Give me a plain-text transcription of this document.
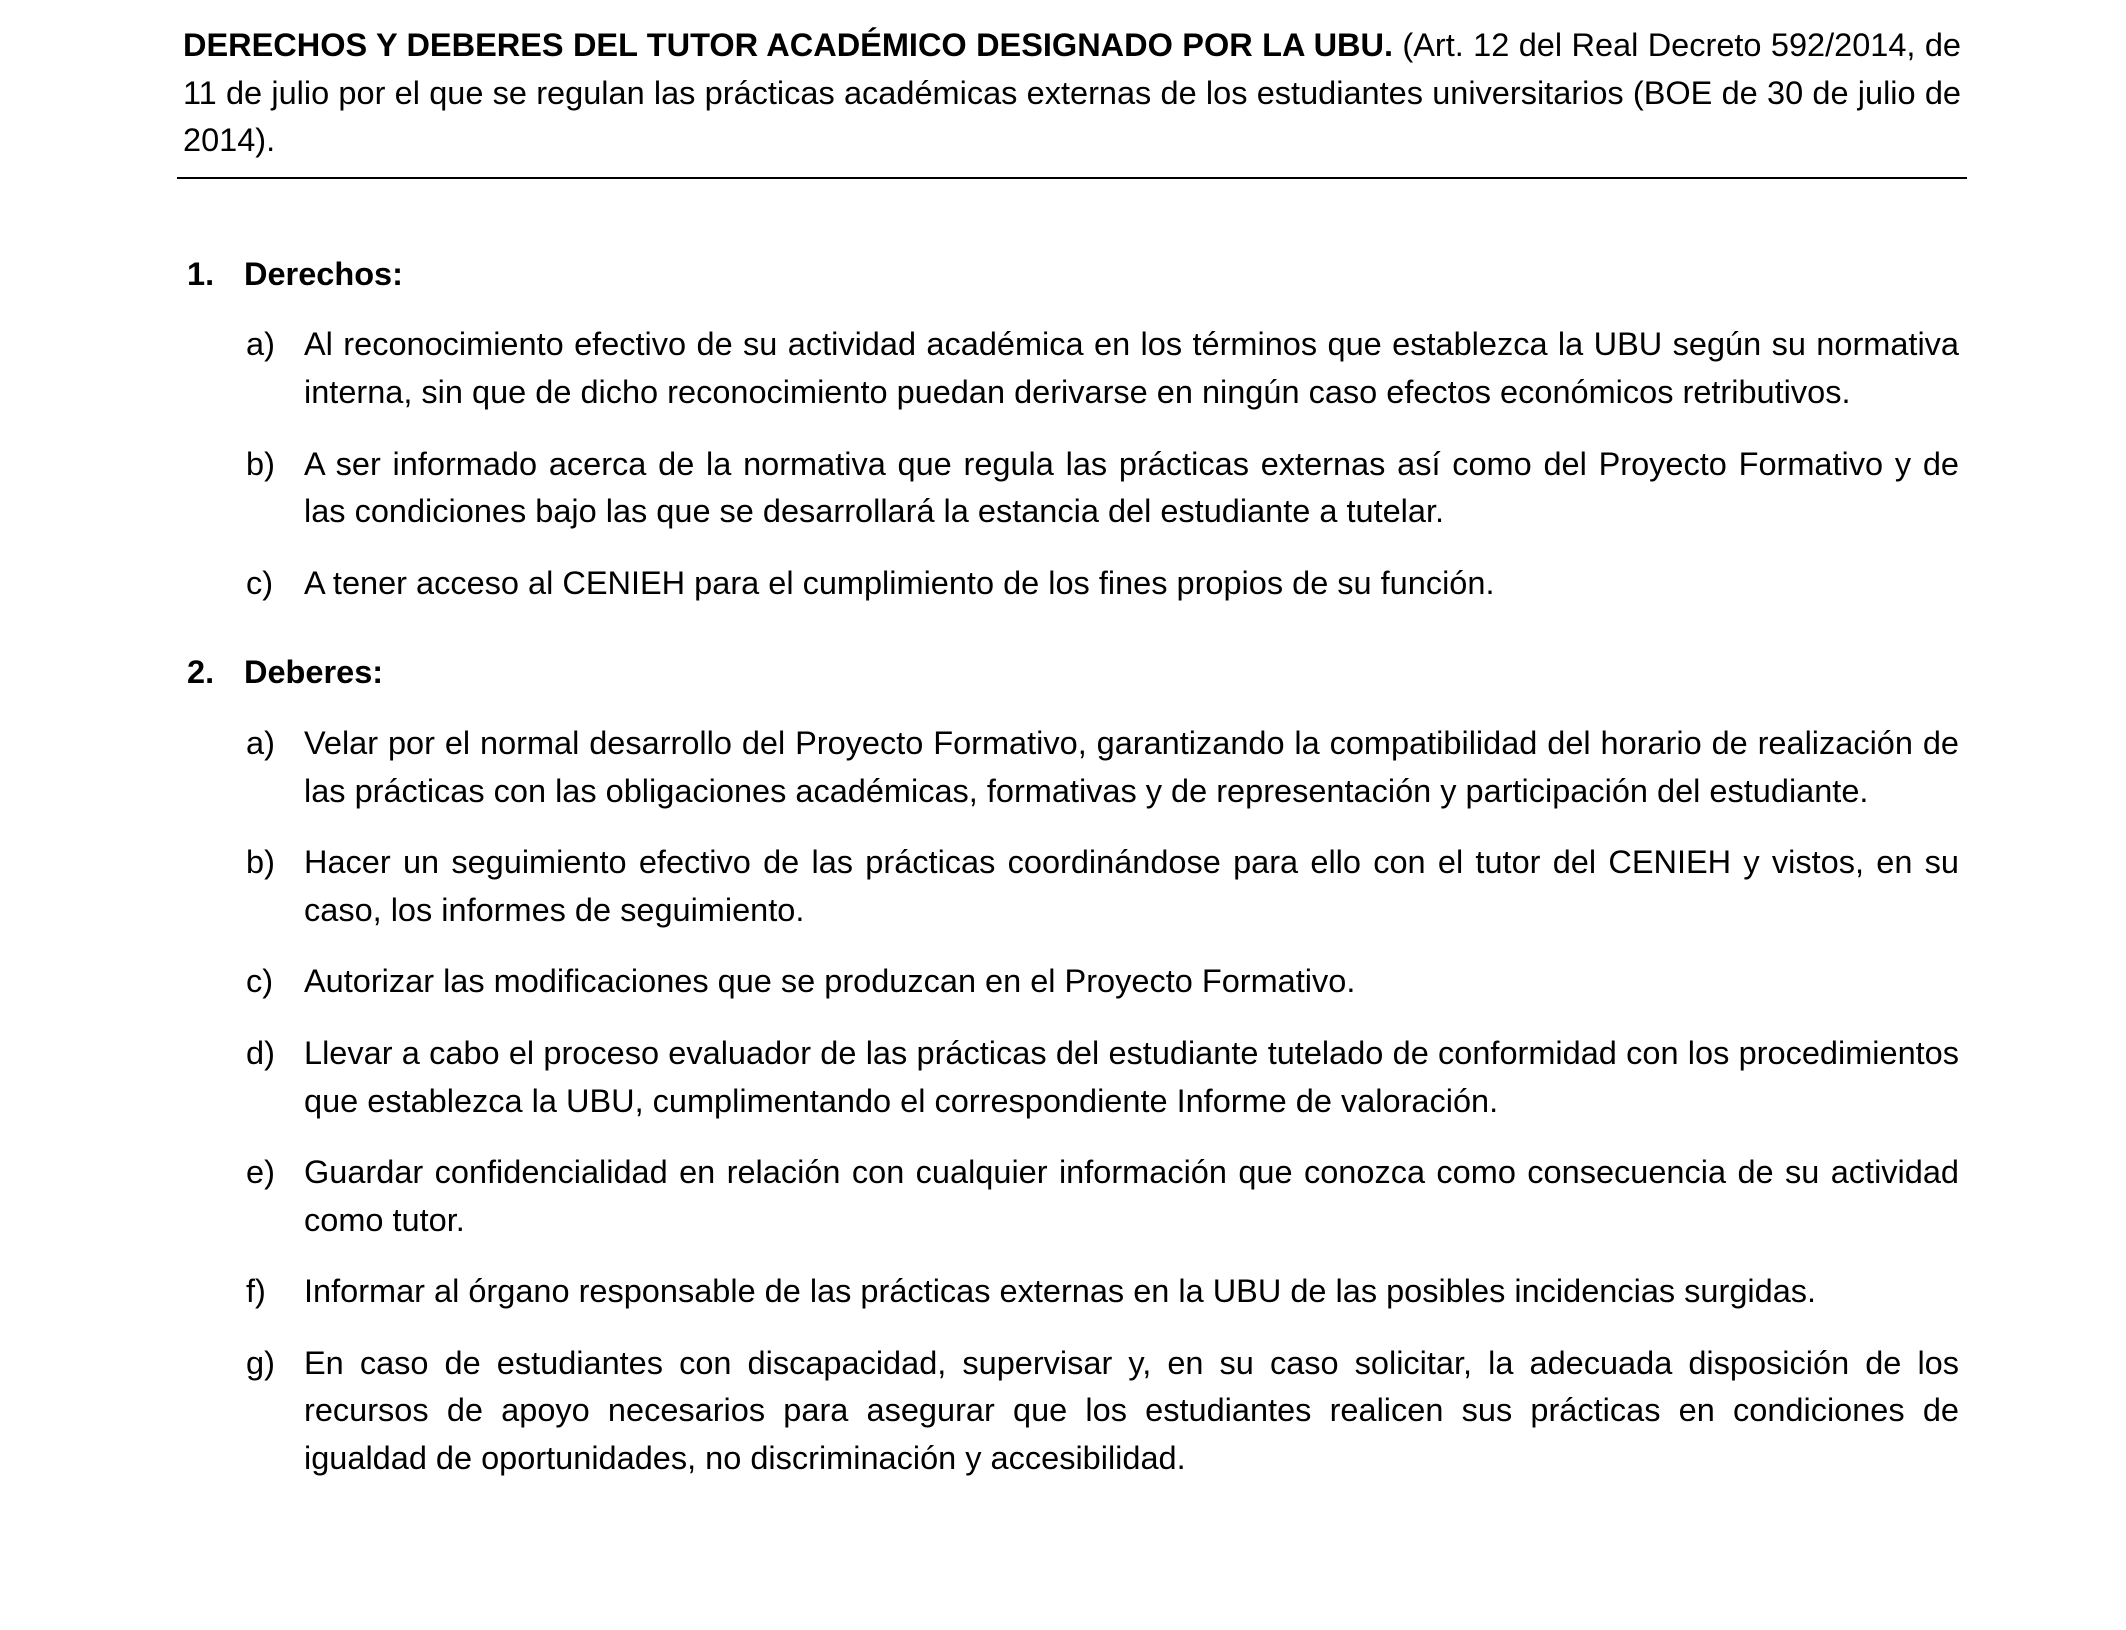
DERECHOS Y DEBERES DEL TUTOR ACADÉMICO DESIGNADO POR LA UBU. (Art. 12 del Real Decreto 592/2014, de 11 de julio por el que se regulan las prácticas académicas externas de los estudiantes universitarios (BOE de 30 de julio de 2014).
1. Derechos:
a) Al reconocimiento efectivo de su actividad académica en los términos que establezca la UBU según su normativa interna, sin que de dicho reconocimiento puedan derivarse en ningún caso efectos económicos retributivos.
b) A ser informado acerca de la normativa que regula las prácticas externas así como del Proyecto Formativo y de las condiciones bajo las que se desarrollará la estancia del estudiante a tutelar.
c) A tener acceso al CENIEH para el cumplimiento de los fines propios de su función.
2. Deberes:
a) Velar por el normal desarrollo del Proyecto Formativo, garantizando la compatibilidad del horario de realización de las prácticas con las obligaciones académicas, formativas y de representación y participación del estudiante.
b) Hacer un seguimiento efectivo de las prácticas coordinándose para ello con el tutor del CENIEH y vistos, en su caso, los informes de seguimiento.
c) Autorizar las modificaciones que se produzcan en el Proyecto Formativo.
d) Llevar a cabo el proceso evaluador de las prácticas del estudiante tutelado de conformidad con los procedimientos que establezca la UBU, cumplimentando el correspondiente Informe de valoración.
e) Guardar confidencialidad en relación con cualquier información que conozca como consecuencia de su actividad como tutor.
f) Informar al órgano responsable de las prácticas externas en la UBU de las posibles incidencias surgidas.
g) En caso de estudiantes con discapacidad, supervisar y, en su caso solicitar, la adecuada disposición de los recursos de apoyo necesarios para asegurar que los estudiantes realicen sus prácticas en condiciones de igualdad de oportunidades, no discriminación y accesibilidad.
